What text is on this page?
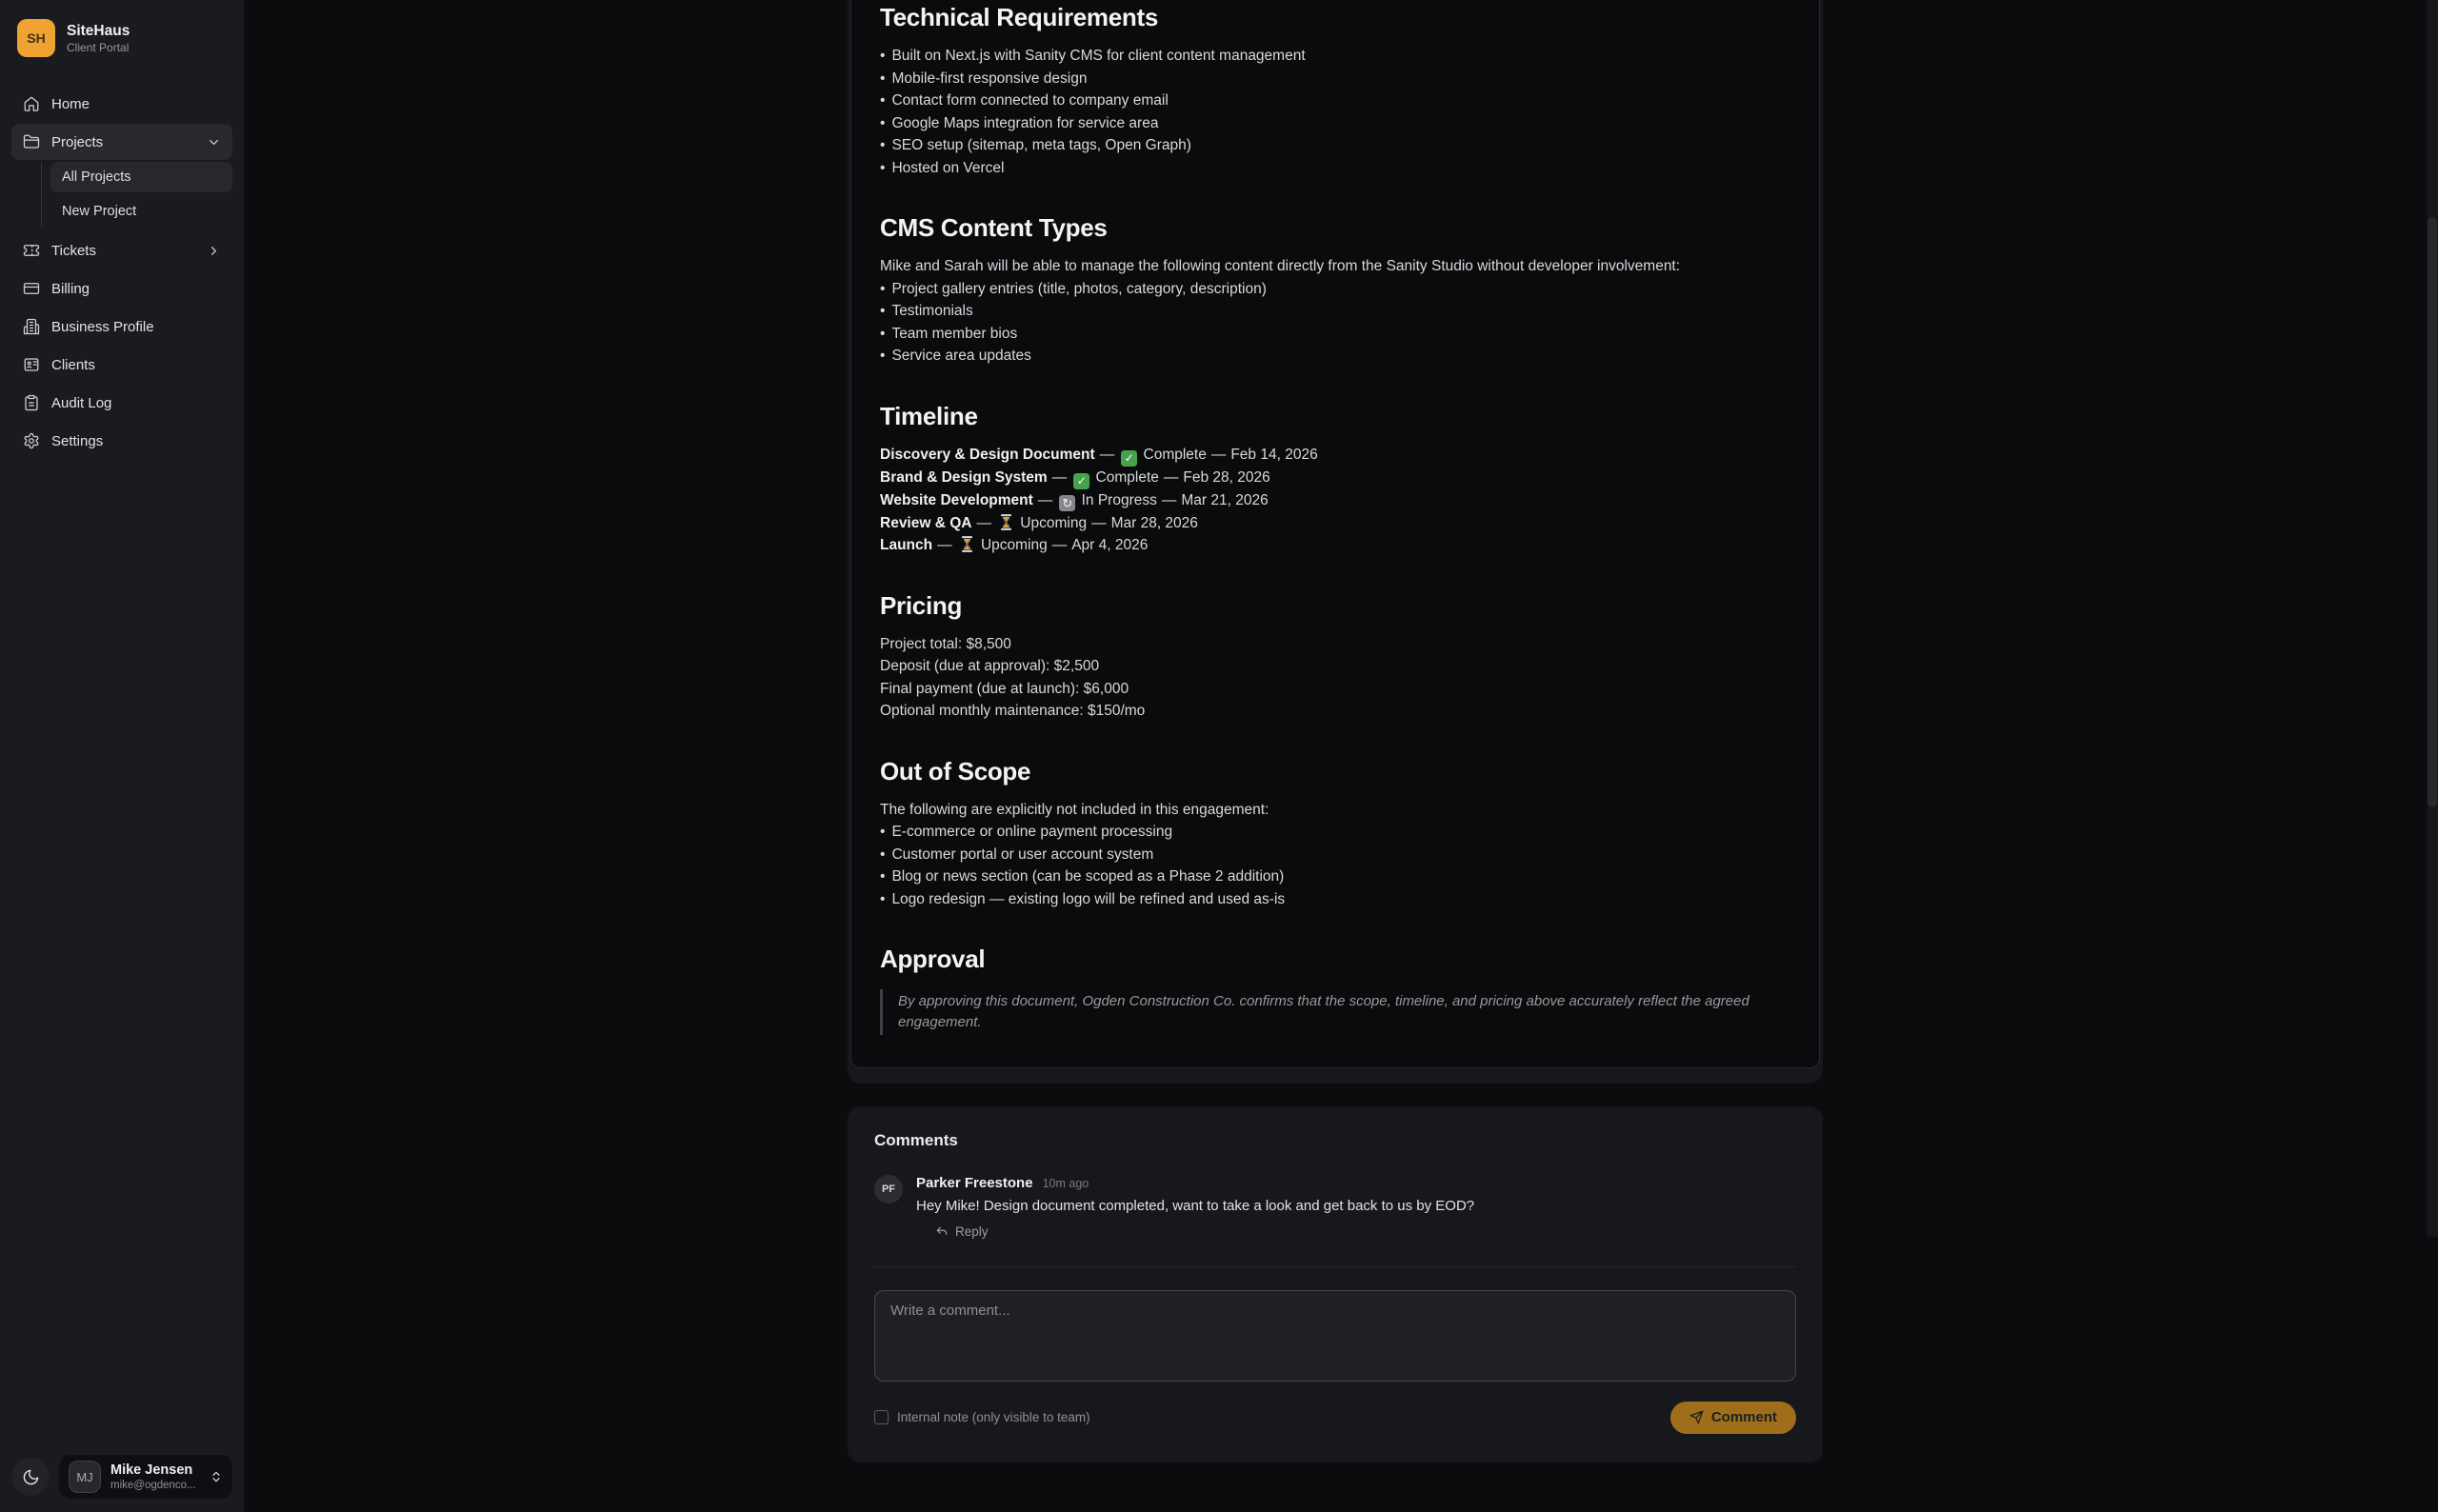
SH SiteHaus
Client Portal
Home
Projects
All Projects
New Project
Tickets
Billing
Business Profile
Clients
Audit Log
Settings
MJ Mike Jensen
mike@ogdenco...
Technical Requirements
• Built on Next.js with Sanity CMS for client content management
• Mobile-first responsive design
• Contact form connected to company email
• Google Maps integration for service area
• SEO setup (sitemap, meta tags, Open Graph)
• Hosted on Vercel
CMS Content Types
Mike and Sarah will be able to manage the following content directly from the Sanity Studio without developer involvement:
• Project gallery entries (title, photos, category, description)
• Testimonials
• Team member bios
• Service area updates
Timeline
Discovery & Design Document — ✓ Complete — Feb 14, 2026
Brand & Design System — ✓ Complete — Feb 28, 2026
Website Development — ↻ In Progress — Mar 21, 2026
Review & QA — Upcoming — Mar 28, 2026
Launch — Upcoming — Apr 4, 2026
Pricing
Project total: $8,500
Deposit (due at approval): $2,500
Final payment (due at launch): $6,000
Optional monthly maintenance: $150/mo
Out of Scope
The following are explicitly not included in this engagement:
• E-commerce or online payment processing
• Customer portal or user account system
• Blog or news section (can be scoped as a Phase 2 addition)
• Logo redesign — existing logo will be refined and used as-is
Approval
By approving this document, Ogden Construction Co. confirms that the scope, timeline, and pricing above accurately reflect the agreed engagement.
Comments
PF Parker Freestone 10m ago
Hey Mike! Design document completed, want to take a look and get back to us by EOD?
Reply
Write a comment...
Internal note (only visible to team)	Comment
